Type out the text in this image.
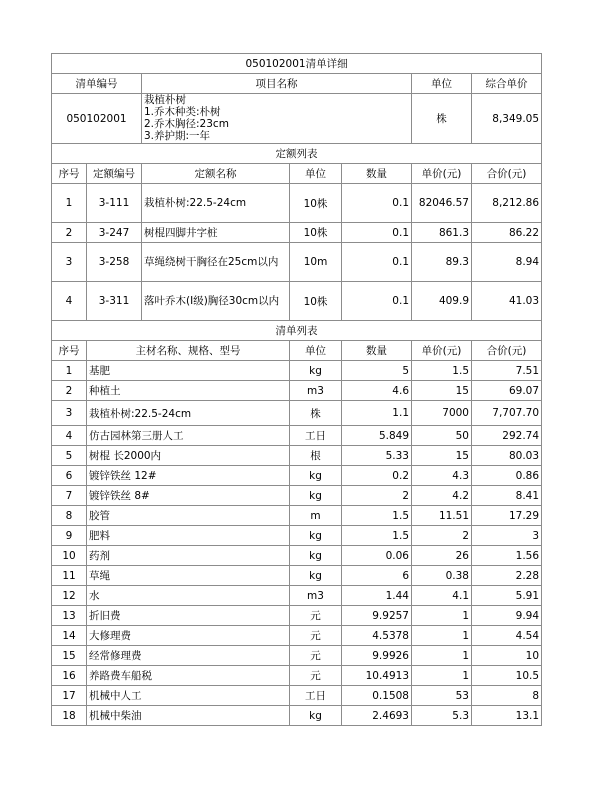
050102001清单详细						
清单编号		项目名称			单位	综合单价
050102001		栽植朴树
1.乔木种类:朴树
2.乔木胸径:23cm
3.养护期:一年			株	8,349.05
定额列表						
序号	定额编号	定额名称	单位	数量	单价(元)	合价(元)
1	3-111	栽植朴树:22.5-24cm	10株	0.1	82046.57	8,212.86
2	3-247	树棍四脚井字桩	10株	0.1	861.3	86.22
3	3-258	草绳绕树干胸径在25cm以内	10m	0.1	89.3	8.94
4	3-311	落叶乔木(I级)胸径30cm以内	10株	0.1	409.9	41.03
清单列表						
序号	主材名称、规格、型号		单位	数量	单价(元)	合价(元)
1	基肥		kg	5	1.5	7.51
2	种植土		m3	4.6	15	69.07
3	栽植朴树:22.5-24cm		株	1.1	7000	7,707.70
4	仿古园林第三册人工		工日	5.849	50	292.74
5	树棍 长2000内		根	5.33	15	80.03
6	镀锌铁丝 12#		kg	0.2	4.3	0.86
7	镀锌铁丝 8#		kg	2	4.2	8.41
8	胶管		m	1.5	11.51	17.29
9	肥料		kg	1.5	2	3
10	药剂		kg	0.06	26	1.56
11	草绳		kg	6	0.38	2.28
12	水		m3	1.44	4.1	5.91
13	折旧费		元	9.9257	1	9.94
14	大修理费		元	4.5378	1	4.54
15	经常修理费		元	9.9926	1	10
16	养路费车船税		元	10.4913	1	10.5
17	机械中人工		工日	0.1508	53	8
18	机械中柴油		kg	2.4693	5.3	13.1
